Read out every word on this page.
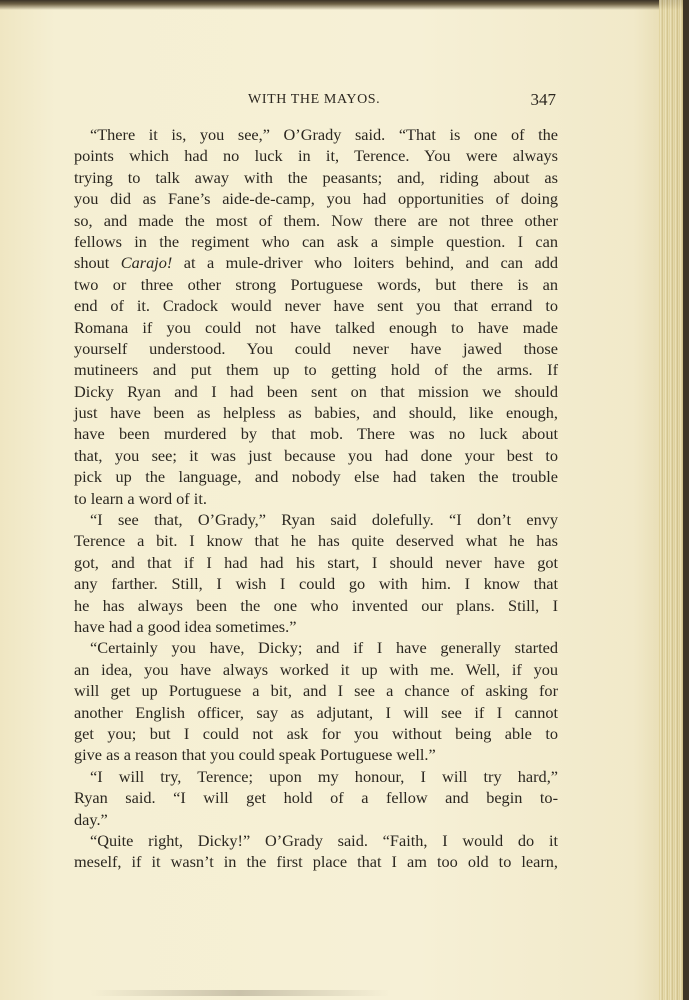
WITH THE MAYOS.	347
“There it is, you see,” O’Grady said. “That is one of the
points which had no luck in it, Terence. You were always
trying to talk away with the peasants; and, riding about as
you did as Fane’s aide-de-camp, you had opportunities of doing
so, and made the most of them. Now there are not three other
fellows in the regiment who can ask a simple question. I can
shout Carajo! at a mule-driver who loiters behind, and can add
two or three other strong Portuguese words, but there is an
end of it. Cradock would never have sent you that errand to
Romana if you could not have talked enough to have made
yourself understood. You could never have jawed those
mutineers and put them up to getting hold of the arms. If
Dicky Ryan and I had been sent on that mission we should
just have been as helpless as babies, and should, like enough,
have been murdered by that mob. There was no luck about
that, you see; it was just because you had done your best to
pick up the language, and nobody else had taken the trouble
to learn a word of it.
“I see that, O’Grady,” Ryan said dolefully. “I don’t envy
Terence a bit. I know that he has quite deserved what he has
got, and that if I had had his start, I should never have got
any farther. Still, I wish I could go with him. I know that
he has always been the one who invented our plans. Still, I
have had a good idea sometimes.”
“Certainly you have, Dicky; and if I have generally started
an idea, you have always worked it up with me. Well, if you
will get up Portuguese a bit, and I see a chance of asking for
another English officer, say as adjutant, I will see if I cannot
get you; but I could not ask for you without being able to
give as a reason that you could speak Portuguese well.”
“I will try, Terence; upon my honour, I will try hard,”
Ryan said. “I will get hold of a fellow and begin to-
day.”
“Quite right, Dicky!” O’Grady said. “Faith, I would do it
meself, if it wasn’t in the first place that I am too old to learn,
